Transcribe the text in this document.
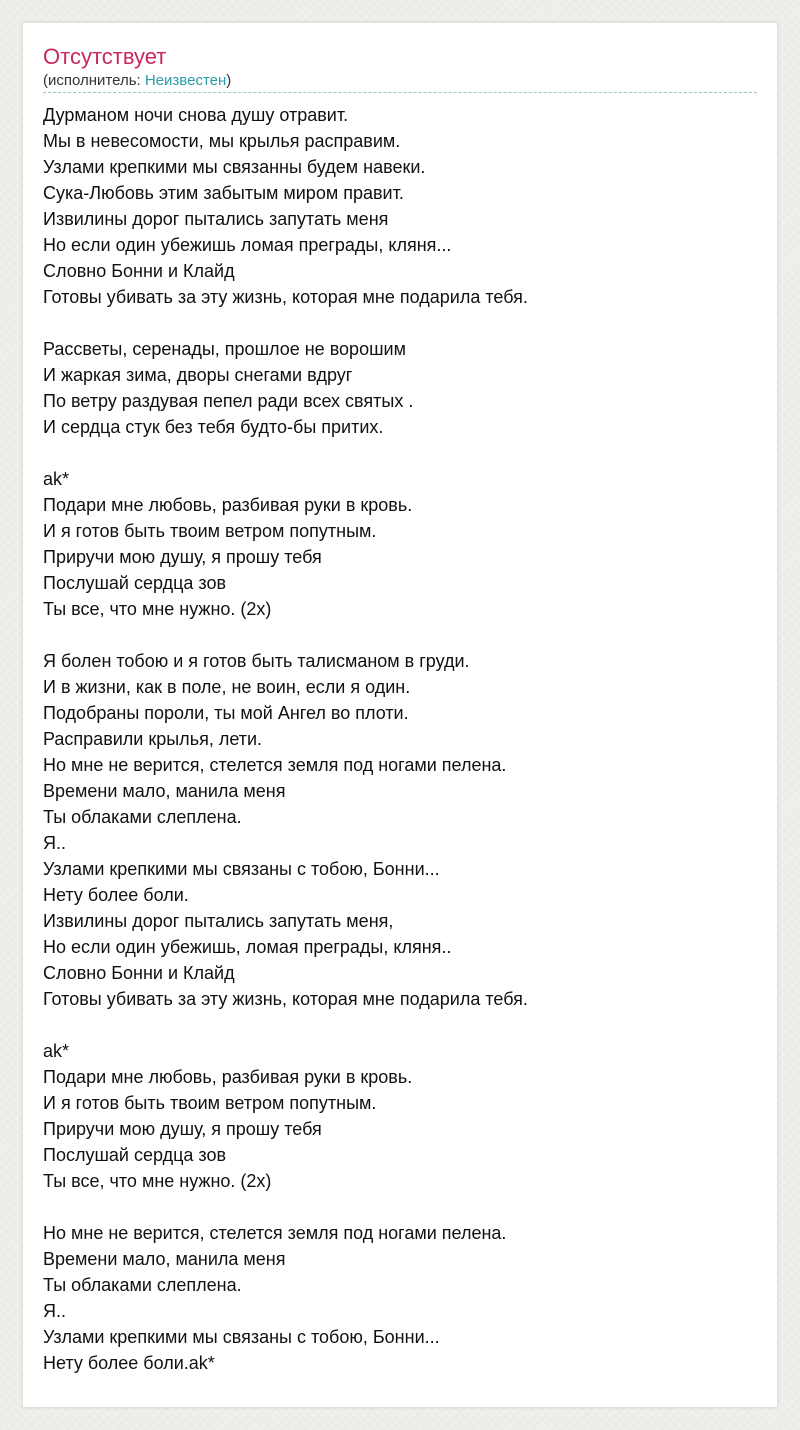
Отсутствует
(исполнитель: Неизвестен)
Дурманом ночи снова душу отравит.
Мы в невесомости, мы крылья расправим.
Узлами крепкими мы связанны будем навеки.
Сука-Любовь этим забытым миром правит.
Извилины дорог пытались запутать меня
Но если один убежишь ломая преграды, кляня...
Словно Бонни и Клайд
Готовы убивать за эту жизнь, которая мне подарила тебя.
Рассветы, серенады, прошлое не ворошим
И жаркая зима, дворы снегами вдруг
По ветру раздувая пепел ради всех святых .
И сердца стук без тебя будто-бы притих.
ak*
Подари мне любовь, разбивая руки в кровь.
И я готов быть твоим ветром попутным.
Приручи мою душу, я прошу тебя
Послушай сердца зов
Ты все, что мне нужно. (2x)
Я болен тобою и я готов быть талисманом в груди.
И в жизни, как в поле, не воин, если я один.
Подобраны пороли, ты мой Ангел во плоти.
Расправили крылья, лети.
Но мне не верится, стелется земля под ногами пелена.
Времени мало, манила меня
Ты облаками слеплена.
Я..
Узлами крепкими мы связаны с тобою, Бонни...
Нету более боли.
Извилины дорог пытались запутать меня,
Но если один убежишь, ломая преграды, кляня..
Словно Бонни и Клайд
Готовы убивать за эту жизнь, которая мне подарила тебя.
ak*
Подари мне любовь, разбивая руки в кровь.
И я готов быть твоим ветром попутным.
Приручи мою душу, я прошу тебя
Послушай сердца зов
Ты все, что мне нужно. (2x)
Но мне не верится, стелется земля под ногами пелена.
Времени мало, манила меня
Ты облаками слеплена.
Я..
Узлами крепкими мы связаны с тобою, Бонни...
Нету более боли.ak*
